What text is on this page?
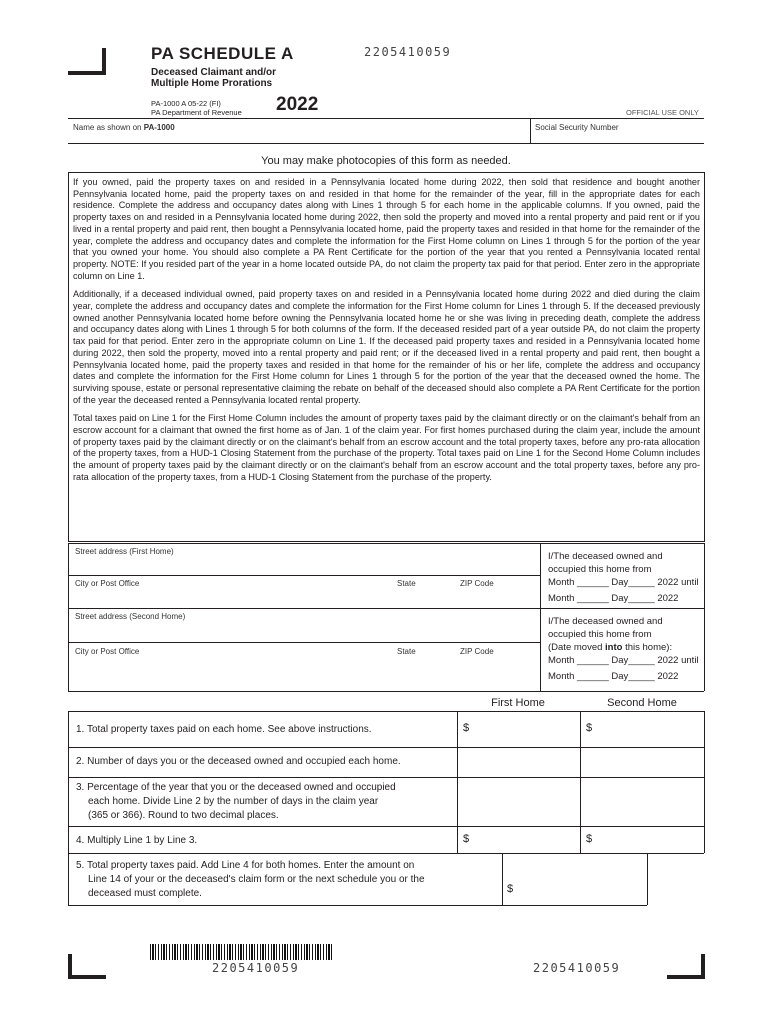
PA SCHEDULE A
Deceased Claimant and/or
Multiple Home Prorations
PA-1000 A 05-22 (FI)
PA Department of Revenue 2022
2205410059
OFFICIAL USE ONLY
Name as shown on PA-1000	Social Security Number
You may make photocopies of this form as needed.

If you owned, paid the property taxes on and resided in a Pennsylvania located home during 2022, then sold that residence and bought another Pennsylvania located home, paid the property taxes on and resided in that home for the remainder of the year, fill in the appropriate dates for each residence. Complete the address and occupancy dates along with Lines 1 through 5 for each home in the applicable columns. If you owned, paid the property taxes on and resided in a Pennsylvania located home during 2022, then sold the property and moved into a rental property and paid rent or if you lived in a rental property and paid rent, then bought a Pennsylvania located home, paid the property taxes and resided in that home for the remainder of the year, complete the address and occupancy dates and complete the information for the First Home column on Lines 1 through 5 for the portion of the year that you owned your home. You should also complete a PA Rent Certificate for the portion of the year that you rented a Pennsylvania located rental property. NOTE: If you resided part of the year in a home located outside PA, do not claim the property tax paid for that period. Enter zero in the appropriate column on Line 1.

Additionally, if a deceased individual owned, paid property taxes on and resided in a Pennsylvania located home during 2022 and died during the claim year, complete the address and occupancy dates and complete the information for the First Home column for Lines 1 through 5. If the deceased previously owned another Pennsylvania located home before owning the Pennsylvania located home he or she was living in preceding death, complete the address and occupancy dates along with Lines 1 through 5 for both columns of the form. If the deceased resided part of a year outside PA, do not claim the property tax paid for that period. Enter zero in the appropriate column on Line 1. If the deceased paid property taxes and resided in a Pennsylvania located home during 2022, then sold the property, moved into a rental property and paid rent; or if the deceased lived in a rental property and paid rent, then bought a Pennsylvania located home, paid the property taxes and resided in that home for the remainder of his or her life, complete the address and occupancy dates and complete the information for the First Home column for Lines 1 through 5 for the portion of the year that the deceased owned the home. The surviving spouse, estate or personal representative claiming the rebate on behalf of the deceased should also complete a PA Rent Certificate for the portion of the year the deceased rented a Pennsylvania located rental property.

Total taxes paid on Line 1 for the First Home Column includes the amount of property taxes paid by the claimant directly or on the claimant's behalf from an escrow account for a claimant that owned the first home as of Jan. 1 of the claim year. For first homes purchased during the claim year, include the amount of property taxes paid by the claimant directly or on the claimant's behalf from an escrow account and the total property taxes, before any pro-rata allocation of the property taxes, from a HUD-1 Closing Statement from the purchase of the property. Total taxes paid on Line 1 for the Second Home Column includes the amount of property taxes paid by the claimant directly or on the claimant's behalf from an escrow account and the total property taxes, before any pro-rata allocation of the property taxes, from a HUD-1 Closing Statement from the purchase of the property.

Street address (First Home)
City or Post Office	State	ZIP Code
I/The deceased owned and
occupied this home from
Month ______ Day_____ 2022 until
Month ______ Day_____ 2022
Street address (Second Home)
City or Post Office	State	ZIP Code
I/The deceased owned and
occupied this home from
(Date moved into this home):
Month ______ Day_____ 2022 until
Month ______ Day_____ 2022
First Home	Second Home
1. Total property taxes paid on each home. See above instructions.	$	$
2. Number of days you or the deceased owned and occupied each home.
3. Percentage of the year that you or the deceased owned and occupied
each home. Divide Line 2 by the number of days in the claim year
(365 or 366). Round to two decimal places.
4. Multiply Line 1 by Line 3.	$	$
5. Total property taxes paid. Add Line 4 for both homes. Enter the amount on
Line 14 of your or the deceased's claim form or the next schedule you or the
deceased must complete.	$
2205410059	2205410059
